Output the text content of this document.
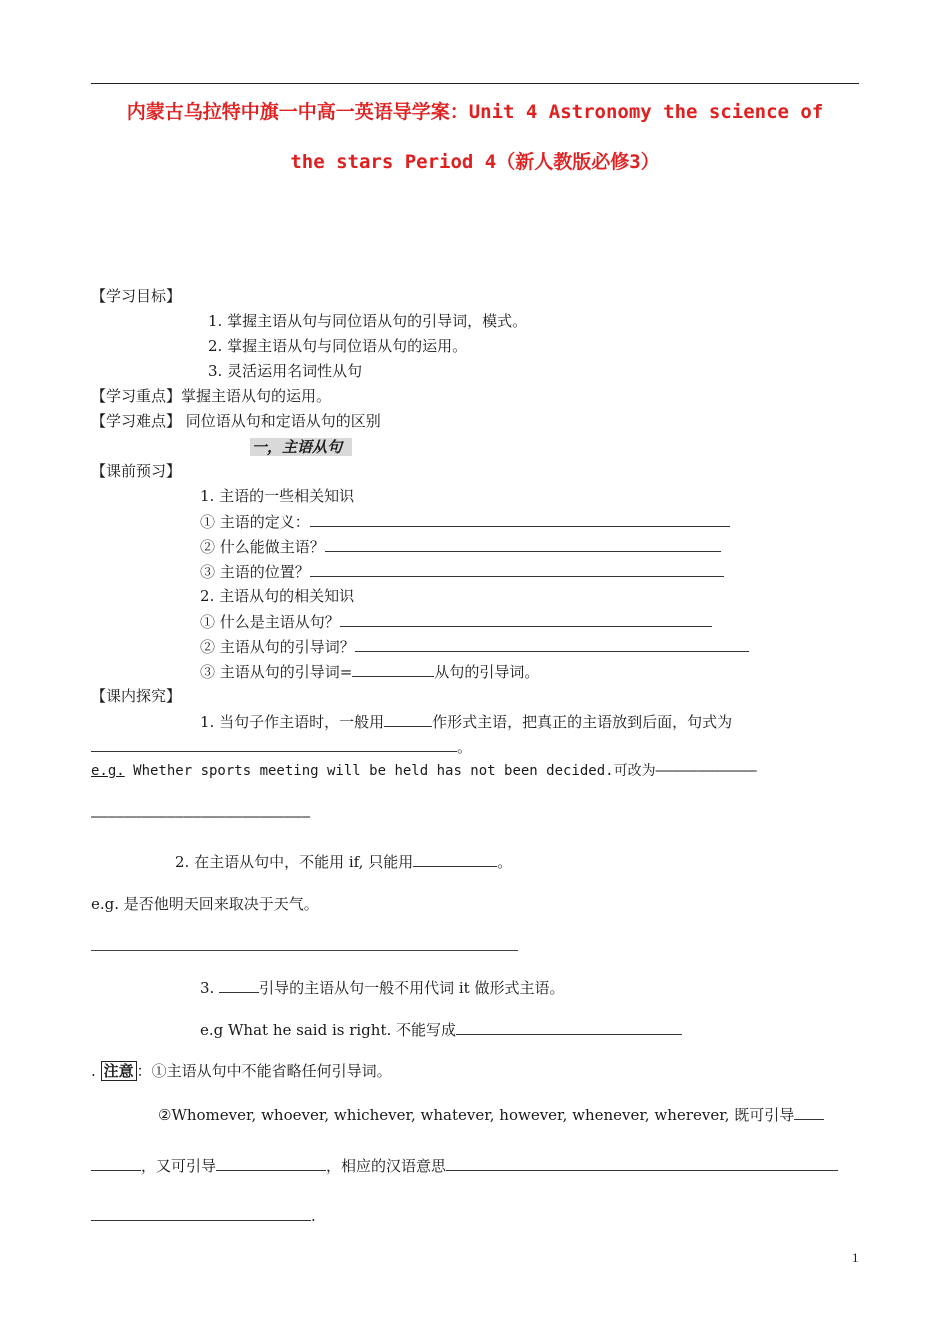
内蒙古乌拉特中旗一中高一英语导学案：Unit 4 Astronomy the science of
the stars Period 4（新人教版必修3）
【学习目标】
1. 掌握主语从句与同位语从句的引导词，模式。
2. 掌握主语从句与同位语从句的运用。
3. 灵活运用名词性从句
【学习重点】掌握主语从句的运用。
【学习难点】 同位语从句和定语从句的区别
一，主语从句
【课前预习】
1. 主语的一些相关知识
① 主语的定义：
② 什么能做主语？
③ 主语的位置？
2. 主语从句的相关知识
① 什么是主语从句？
② 主语从句的引导词？
③ 主语从句的引导词=	从句的引导词。
【课内探究】
1. 当句子作主语时，一般用	作形式主语，把真正的主语放到后面，句式为
。
e.g. Whether sports meeting will be held has not been decided.可改为————————————
——————————————————————————
2. 在主语从句中，不能用 if, 只能用	。
e.g. 是否他明天回来取决于天气。
3.	引导的主语从句一般不用代词 it 做形式主语。
e.g What he said is right. 不能写成
. 注意 ：①主语从句中不能省略任何引导词。
②Whomever, whoever, whichever, whatever, however, whenever, wherever, 既可引导
，又可引导	，相应的汉语意思
.
1
